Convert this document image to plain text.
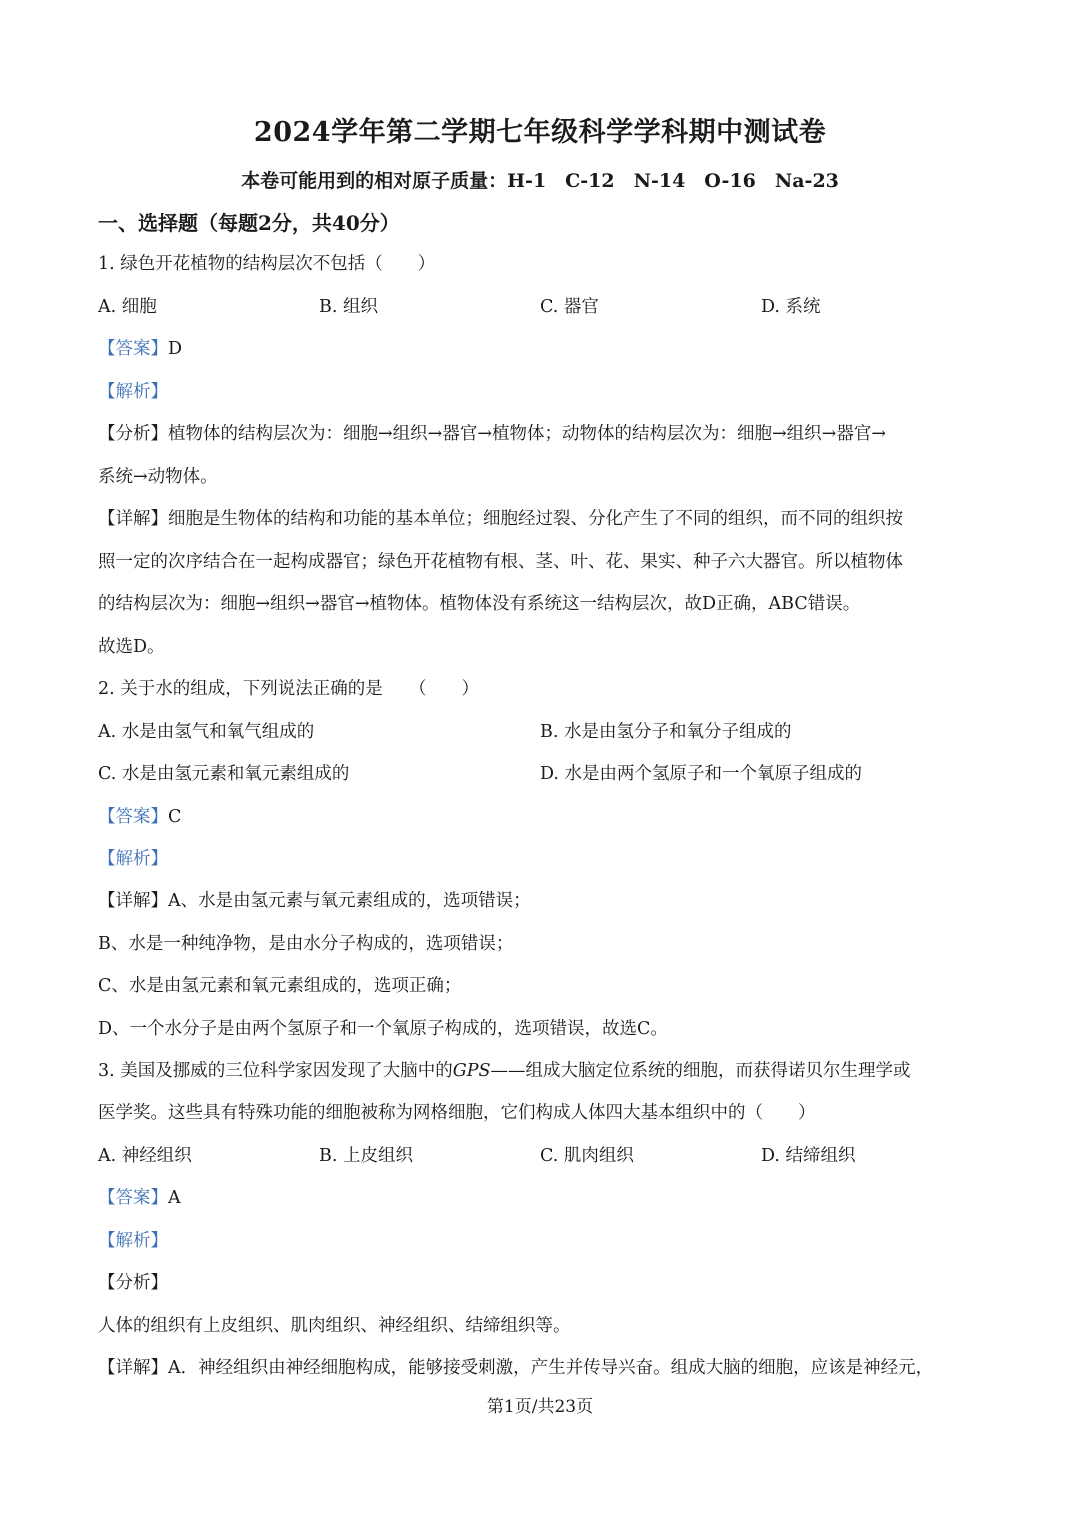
2024学年第二学期七年级科学学科期中测试卷
本卷可能用到的相对原子质量：H-1　C-12　N-14　O-16　Na-23
一、选择题（每题2分，共40分）
1. 绿色开花植物的结构层次不包括（　　）
A. 细胞	B. 组织	C. 器官	D. 系统
【答案】D
【解析】
【分析】植物体的结构层次为：细胞→组织→器官→植物体；动物体的结构层次为：细胞→组织→器官→
系统→动物体。
【详解】细胞是生物体的结构和功能的基本单位；细胞经过裂、分化产生了不同的组织，而不同的组织按
照一定的次序结合在一起构成器官；绿色开花植物有根、茎、叶、花、果实、种子六大器官。所以植物体
的结构层次为：细胞→组织→器官→植物体。植物体没有系统这一结构层次，故D正确，ABC错误。
故选D。
2. 关于水的组成，下列说法正确的是　　（　　）
A. 水是由氢气和氧气组成的	B. 水是由氢分子和氧分子组成的
C. 水是由氢元素和氧元素组成的	D. 水是由两个氢原子和一个氧原子组成的
【答案】C
【解析】
【详解】A、水是由氢元素与氧元素组成的，选项错误；
B、水是一种纯净物，是由水分子构成的，选项错误；
C、水是由氢元素和氧元素组成的，选项正确；
D、一个水分子是由两个氢原子和一个氧原子构成的，选项错误，故选C。
3. 美国及挪威的三位科学家因发现了大脑中的GPS——组成大脑定位系统的细胞，而获得诺贝尔生理学或
医学奖。这些具有特殊功能的细胞被称为网格细胞，它们构成人体四大基本组织中的（　　）
A. 神经组织	B. 上皮组织	C. 肌肉组织	D. 结缔组织
【答案】A
【解析】
【分析】
人体的组织有上皮组织、肌肉组织、神经组织、结缔组织等。
【详解】A．神经组织由神经细胞构成，能够接受刺激，产生并传导兴奋。组成大脑的细胞，应该是神经元，
第1页/共23页
